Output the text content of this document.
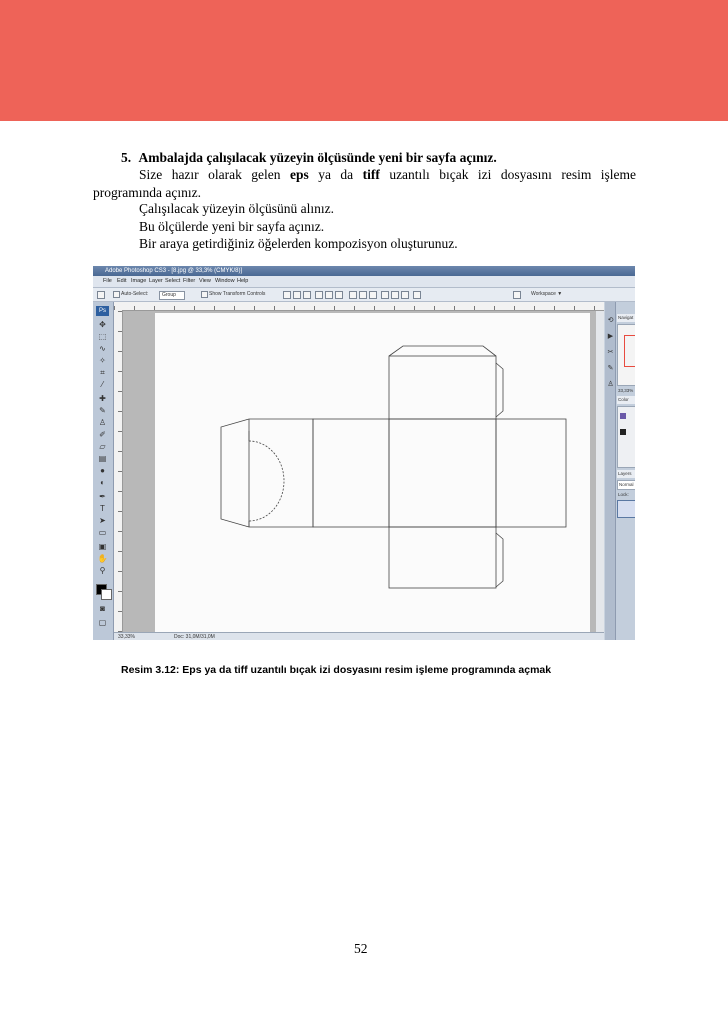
5. Ambalajda çalışılacak yüzeyin ölçüsünde yeni bir sayfa açınız.
Size hazır olarak gelen eps ya da tiff uzantılı bıçak izi dosyasını resim işleme
programında açınız.
Çalışılacak yüzeyin ölçüsünü alınız.
Bu ölçülerde yeni bir sayfa açınız.
Bir araya getirdiğiniz öğelerden kompozisyon oluşturunuz.
Adobe Photoshop CS3 - [8.jpg @ 33,3% (CMYK/8)]
File Edit Image Layer Select Filter View Window Help
Auto-Select:	Group	Show Transform Controls	Workspace ▼
Ps
✥
⬚
∿
✧
⌗
⁄
✚
✎
♙
✐
▱
▤
●
◐
✒
T
➤
▭
▣
✋
⚲
◙
▢
33,33%	Doc: 31,0M/31,0M
Navigat
33,33%
Color
Layers
Normal
Lock:
⟲
▶
✂
✎
♙
Resim 3.12: Eps ya da tiff uzantılı bıçak izi dosyasını resim işleme programında açmak
52
